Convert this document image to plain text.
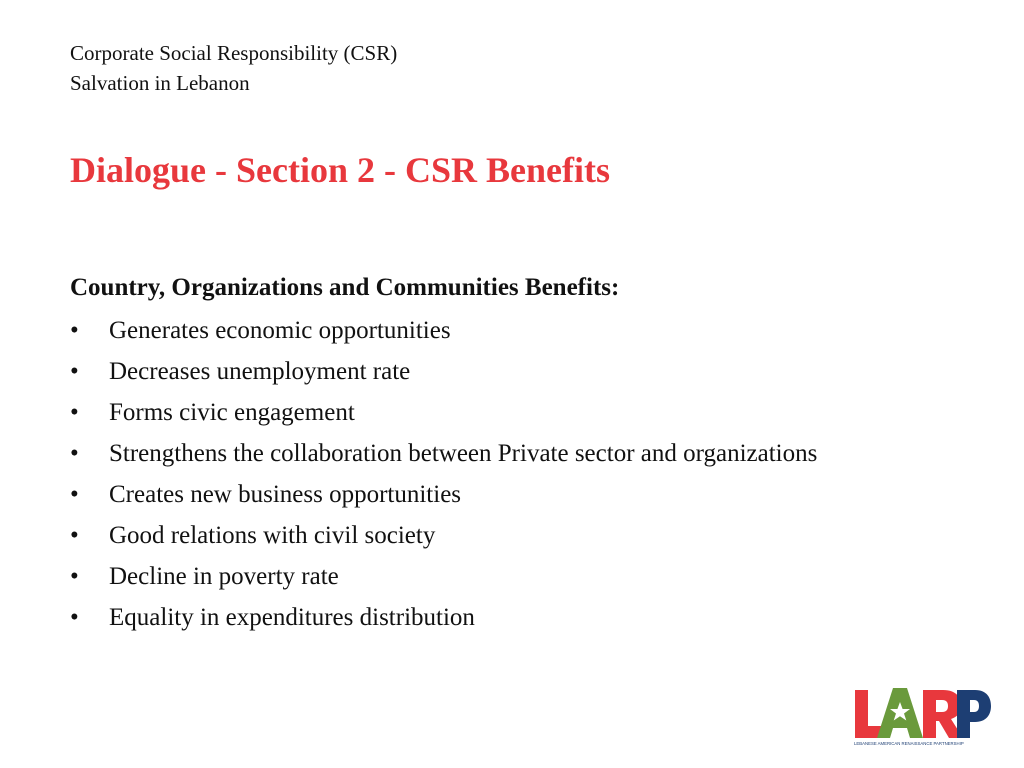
Corporate Social Responsibility (CSR)
Salvation in Lebanon
Dialogue - Section 2 - CSR Benefits
Country, Organizations and Communities Benefits:
•	Generates economic opportunities
•	Decreases unemployment rate
•	Forms civic engagement
•	Strengthens the collaboration between Private sector and organizations
•	Creates new business opportunities
•	Good relations with civil society
•	Decline in poverty rate
•	Equality in expenditures distribution
LEBANESE AMERICAN RENAISSANCE PARTNERSHIP
